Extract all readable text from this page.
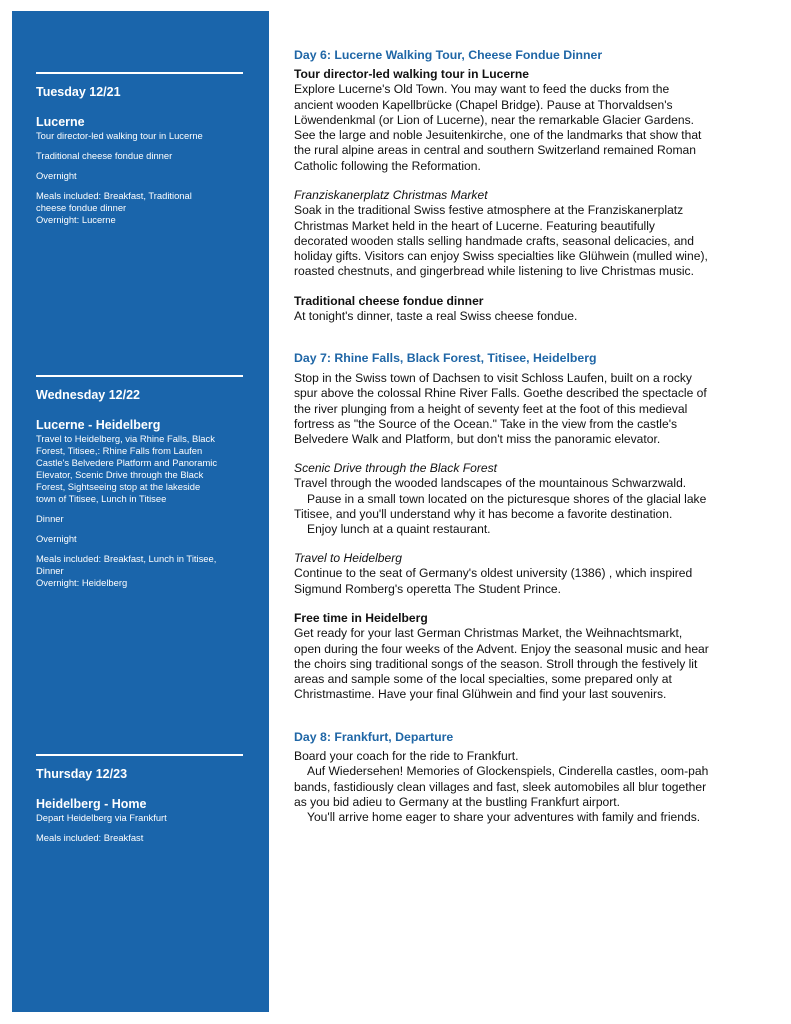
Tuesday 12/21
Lucerne
Tour director-led walking tour in Lucerne
Traditional cheese fondue dinner
Overnight
Meals included: Breakfast, Traditional
cheese fondue dinner
Overnight: Lucerne
Wednesday 12/22
Lucerne - Heidelberg
Travel to Heidelberg, via Rhine Falls, Black
Forest, Titisee,: Rhine Falls from Laufen
Castle's Belvedere Platform and Panoramic
Elevator, Scenic Drive through the Black
Forest, Sightseeing stop at the lakeside
town of Titisee, Lunch in Titisee
Dinner
Overnight
Meals included: Breakfast, Lunch in Titisee,
Dinner
Overnight: Heidelberg
Thursday 12/23
Heidelberg - Home
Depart Heidelberg via Frankfurt
Meals included: Breakfast
Day 6: Lucerne Walking Tour, Cheese Fondue Dinner
Tour director-led walking tour in Lucerne
Explore Lucerne's Old Town. You may want to feed the ducks from the
ancient wooden Kapellbrücke (Chapel Bridge). Pause at Thorvaldsen's
Löwendenkmal (or Lion of Lucerne), near the remarkable Glacier Gardens.
See the large and noble Jesuitenkirche, one of the landmarks that show that
the rural alpine areas in central and southern Switzerland remained Roman
Catholic following the Reformation.
Franziskanerplatz Christmas Market
Soak in the traditional Swiss festive atmosphere at the Franziskanerplatz
Christmas Market held in the heart of Lucerne. Featuring beautifully
decorated wooden stalls selling handmade crafts, seasonal delicacies, and
holiday gifts. Visitors can enjoy Swiss specialties like Glühwein (mulled wine),
roasted chestnuts, and gingerbread while listening to live Christmas music.
Traditional cheese fondue dinner
At tonight's dinner, taste a real Swiss cheese fondue.
Day 7: Rhine Falls, Black Forest, Titisee, Heidelberg
Stop in the Swiss town of Dachsen to visit Schloss Laufen, built on a rocky
spur above the colossal Rhine River Falls. Goethe described the spectacle of
the river plunging from a height of seventy feet at the foot of this medieval
fortress as "the Source of the Ocean." Take in the view from the castle's
Belvedere Walk and Platform, but don't miss the panoramic elevator.
Scenic Drive through the Black Forest
Travel through the wooded landscapes of the mountainous Schwarzwald.
Pause in a small town located on the picturesque shores of the glacial lake
Titisee, and you'll understand why it has become a favorite destination.
Enjoy lunch at a quaint restaurant.
Travel to Heidelberg
Continue to the seat of Germany's oldest university (1386) , which inspired
Sigmund Romberg's operetta The Student Prince.
Free time in Heidelberg
Get ready for your last German Christmas Market, the Weihnachtsmarkt,
open during the four weeks of the Advent. Enjoy the seasonal music and hear
the choirs sing traditional songs of the season. Stroll through the festively lit
areas and sample some of the local specialties, some prepared only at
Christmastime. Have your final Glühwein and find your last souvenirs.
Day 8: Frankfurt, Departure
Board your coach for the ride to Frankfurt.
Auf Wiedersehen! Memories of Glockenspiels, Cinderella castles, oom-pah
bands, fastidiously clean villages and fast, sleek automobiles all blur together
as you bid adieu to Germany at the bustling Frankfurt airport.
You'll arrive home eager to share your adventures with family and friends.
